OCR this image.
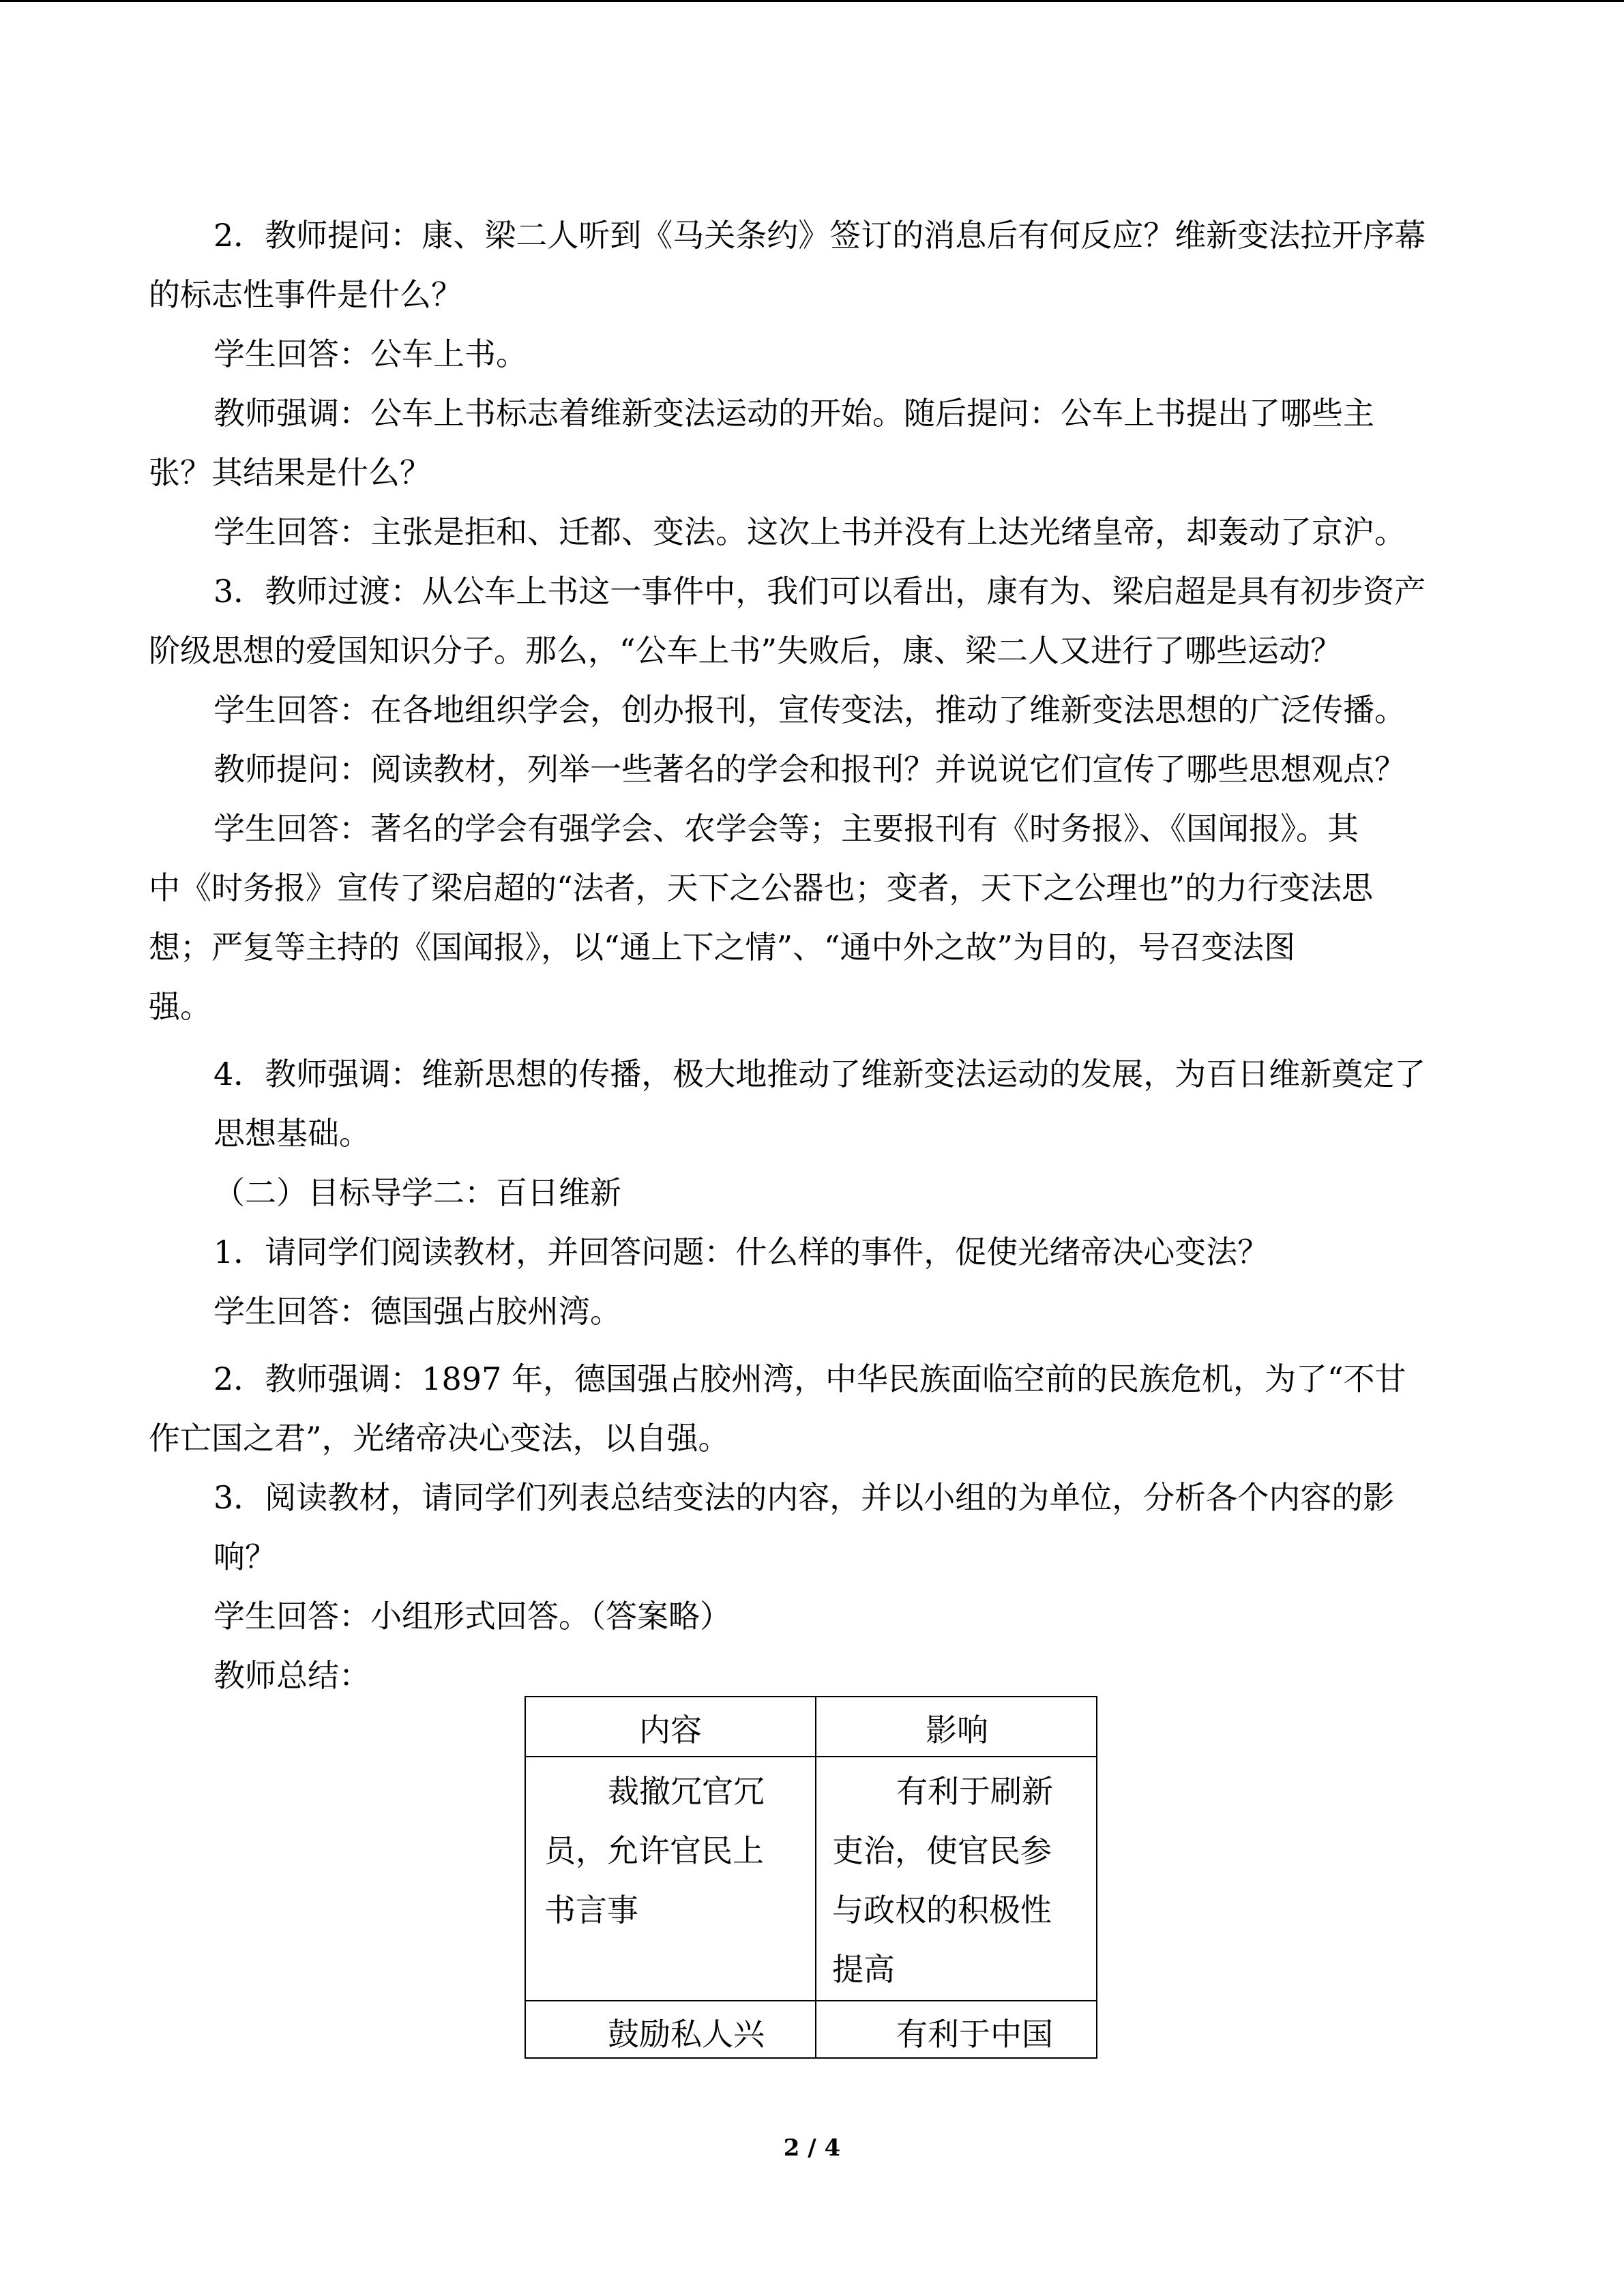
2．教师提问：康、梁二人听到《马关条约》签订的消息后有何反应？维新变法拉开序幕
的标志性事件是什么？
学生回答：公车上书。
教师强调：公车上书标志着维新变法运动的开始。随后提问：公车上书提出了哪些主
张？其结果是什么？
学生回答：主张是拒和、迁都、变法。这次上书并没有上达光绪皇帝，却轰动了京沪。
3．教师过渡：从公车上书这一事件中，我们可以看出，康有为、梁启超是具有初步资产
阶级思想的爱国知识分子。那么，“公车上书”失败后，康、梁二人又进行了哪些运动？
学生回答：在各地组织学会，创办报刊，宣传变法，推动了维新变法思想的广泛传播。
教师提问：阅读教材，列举一些著名的学会和报刊？并说说它们宣传了哪些思想观点？
学生回答：著名的学会有强学会、农学会等；主要报刊有《时务报》、《国闻报》。其
中《时务报》宣传了梁启超的“法者，天下之公器也；变者，天下之公理也”的力行变法思
想；严复等主持的《国闻报》，以“通上下之情”、“通中外之故”为目的，号召变法图
强。
4．教师强调：维新思想的传播，极大地推动了维新变法运动的发展，为百日维新奠定了
思想基础。
（二）目标导学二：百日维新
1．请同学们阅读教材，并回答问题：什么样的事件，促使光绪帝决心变法？
学生回答：德国强占胶州湾。
2．教师强调：1897 年，德国强占胶州湾，中华民族面临空前的民族危机，为了“不甘
作亡国之君”，光绪帝决心变法，以自强。
3．阅读教材，请同学们列表总结变法的内容，并以小组的为单位，分析各个内容的影
响？
学生回答：小组形式回答。（答案略）
教师总结：
内容	影响
裁撤冗官冗
员，允许官民上
书言事
有利于刷新
吏治，使官民参
与政权的积极性
提高
鼓励私人兴	有利于中国
2 / 4
